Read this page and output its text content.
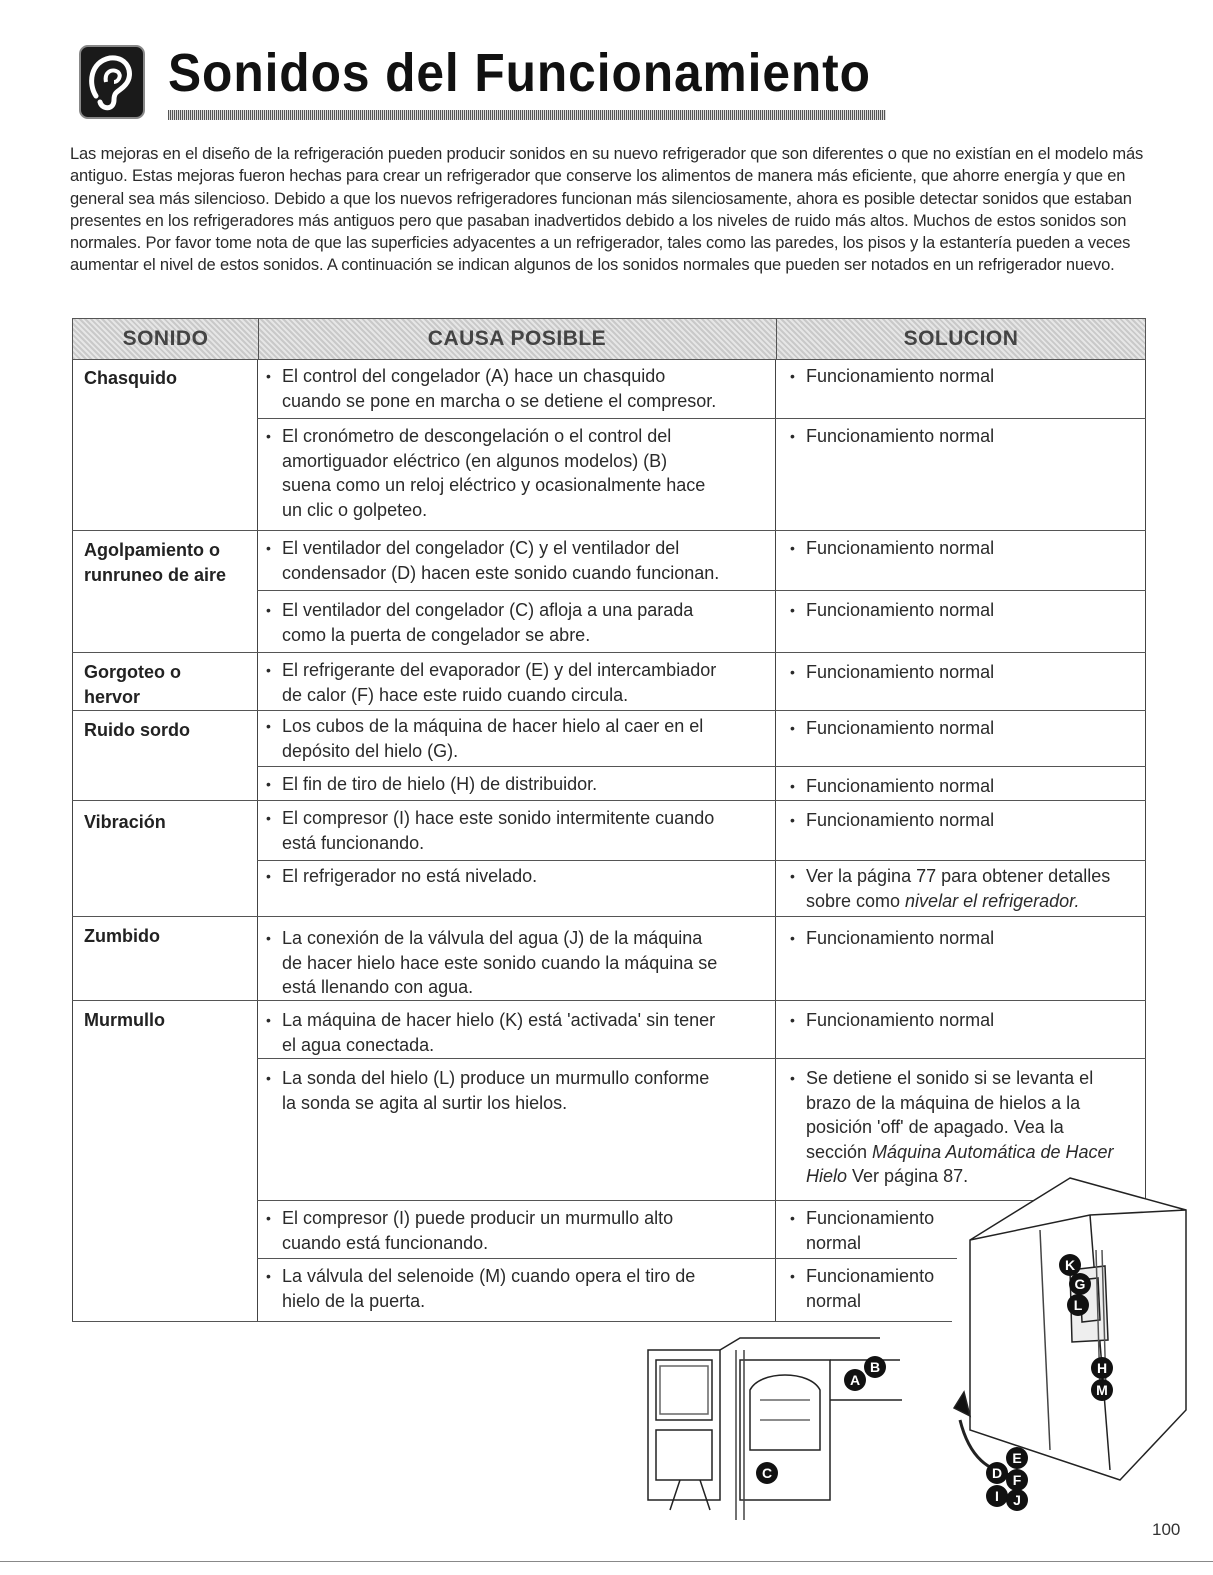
Sonidos del Funcionamiento

Las mejoras en el diseño de la refrigeración pueden producir sonidos en su nuevo refrigerador que son diferentes o que no existían en el modelo más antiguo. Estas mejoras fueron hechas para crear un refrigerador que conserve los alimentos de manera más eficiente, que ahorre energía y que en general sea más silencioso. Debido a que los nuevos refrigeradores funcionan más silenciosamente, ahora es posible detectar sonidos que estaban presentes en los refrigeradores más antiguos pero que pasaban inadvertidos debido a los niveles de ruido más altos. Muchos de estos sonidos son normales. Por favor tome nota de que las superficies adyacentes a un refrigerador, tales como las paredes, los pisos y la estantería pueden a veces aumentar el nivel de estos sonidos. A continuación se indican algunos de los sonidos normales que pueden ser notados en un refrigerador nuevo.

SONIDO	CAUSA POSIBLE	SOLUCION
Chasquido
Agolpamiento o
runruneo de aire
Gorgoteo o
hervor
Ruido sordo
Vibración
Zumbido
Murmullo
• El control del congelador (A) hace un chasquido
cuando se pone en marcha o se detiene el compresor.
• El cronómetro de descongelación o el control del
amortiguador eléctrico (en algunos modelos) (B)
suena como un reloj eléctrico y ocasionalmente hace
un clic o golpeteo.
• El ventilador del congelador (C) y el ventilador del
condensador (D) hacen este sonido cuando funcionan.
• El ventilador del congelador (C) afloja a una parada
como la puerta de congelador se abre.
• El refrigerante del evaporador (E) y del intercambiador
de calor (F) hace este ruido cuando circula.
• Los cubos de la máquina de hacer hielo al caer en el
depósito del hielo (G).
• El fin de tiro de hielo (H) de distribuidor.
• El compresor (I) hace este sonido intermitente cuando
está funcionando.
• El refrigerador no está nivelado.
• La conexión de la válvula del agua (J) de la máquina
de hacer hielo hace este sonido cuando la máquina se
está llenando con agua.
• La máquina de hacer hielo (K) está 'activada' sin tener
el agua conectada.
• La sonda del hielo (L) produce un murmullo conforme
la sonda se agita al surtir los hielos.
• El compresor (I) puede producir un murmullo alto
cuando está funcionando.
• La válvula del selenoide (M) cuando opera el tiro de
hielo de la puerta.
• Funcionamiento normal
• Funcionamiento normal
• Funcionamiento normal
• Funcionamiento normal
• Funcionamiento normal
• Funcionamiento normal
• Funcionamiento normal
• Funcionamiento normal
• Ver la página 77 para obtener detalles
sobre como nivelar el refrigerador.
• Funcionamiento normal
• Funcionamiento normal
• Se detiene el sonido si se levanta el
brazo de la máquina de hielos a la
posición 'off' de apagado. Vea la
sección Máquina Automática de Hacer
Hielo Ver página 87.
• Funcionamiento
normal
• Funcionamiento
normal
B
A
C
K
G
L
H
M
E
D F
I J
100
